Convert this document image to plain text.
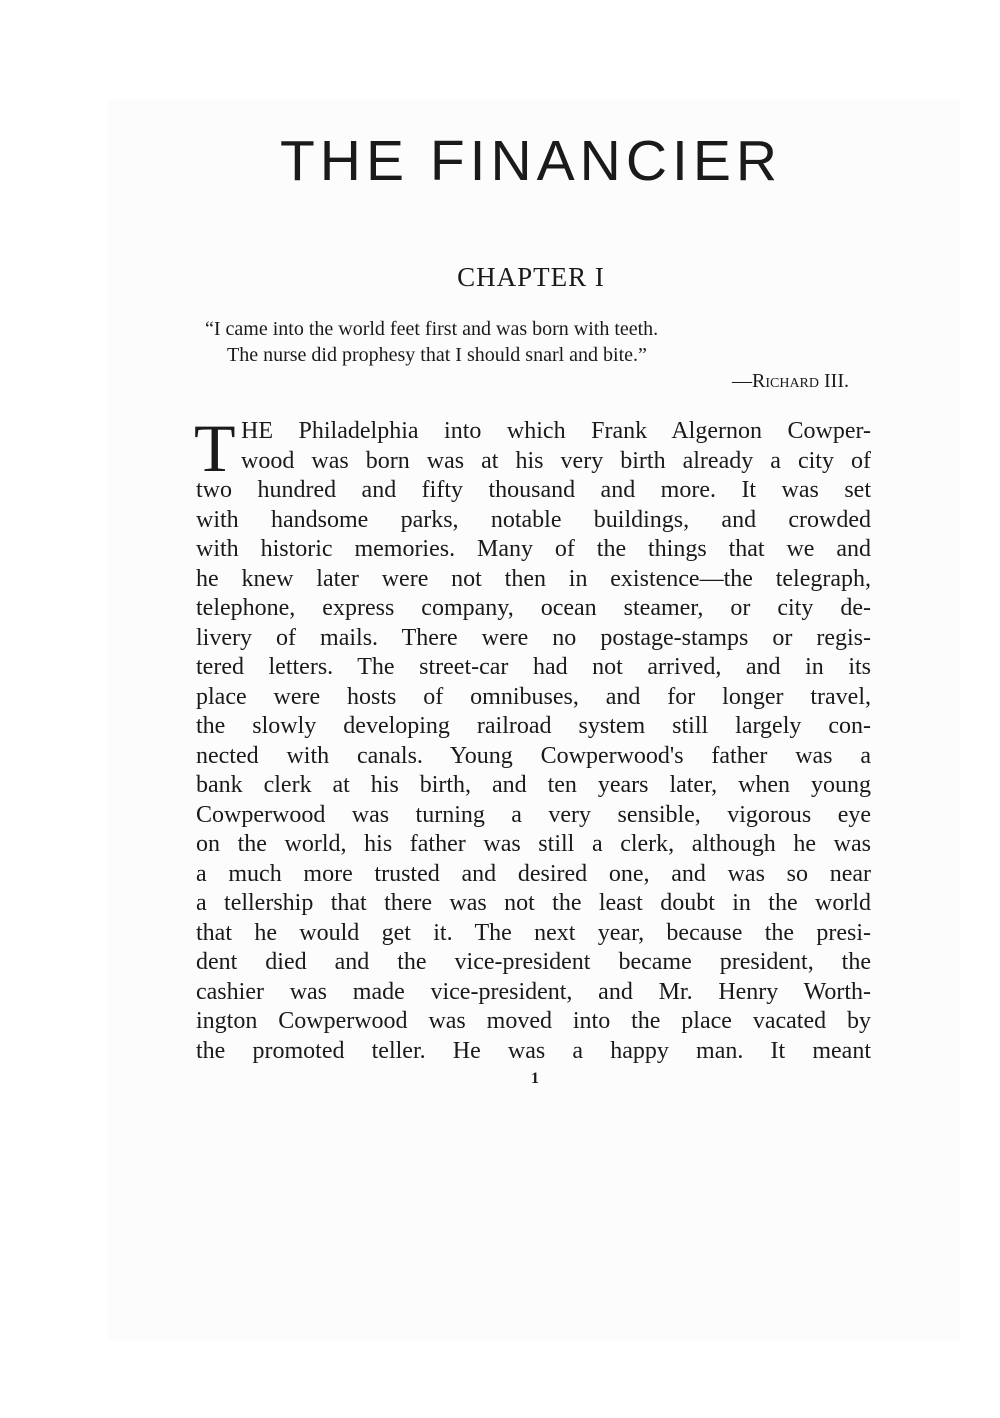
THE FINANCIER
CHAPTER I
“I came into the world feet first and was born with teeth.
The nurse did prophesy that I should snarl and bite.”
—Richard III.
T HE Philadelphia into which Frank Algernon Cowper-
wood was born was at his very birth already a city of
two hundred and fifty thousand and more. It was set
with handsome parks, notable buildings, and crowded
with historic memories. Many of the things that we and
he knew later were not then in existence—the telegraph,
telephone, express company, ocean steamer, or city de-
livery of mails. There were no postage-stamps or regis-
tered letters. The street-car had not arrived, and in its
place were hosts of omnibuses, and for longer travel,
the slowly developing railroad system still largely con-
nected with canals. Young Cowperwood's father was a
bank clerk at his birth, and ten years later, when young
Cowperwood was turning a very sensible, vigorous eye
on the world, his father was still a clerk, although he was
a much more trusted and desired one, and was so near
a tellership that there was not the least doubt in the world
that he would get it. The next year, because the presi-
dent died and the vice-president became president, the
cashier was made vice-president, and Mr. Henry Worth-
ington Cowperwood was moved into the place vacated by
the promoted teller. He was a happy man. It meant
1
